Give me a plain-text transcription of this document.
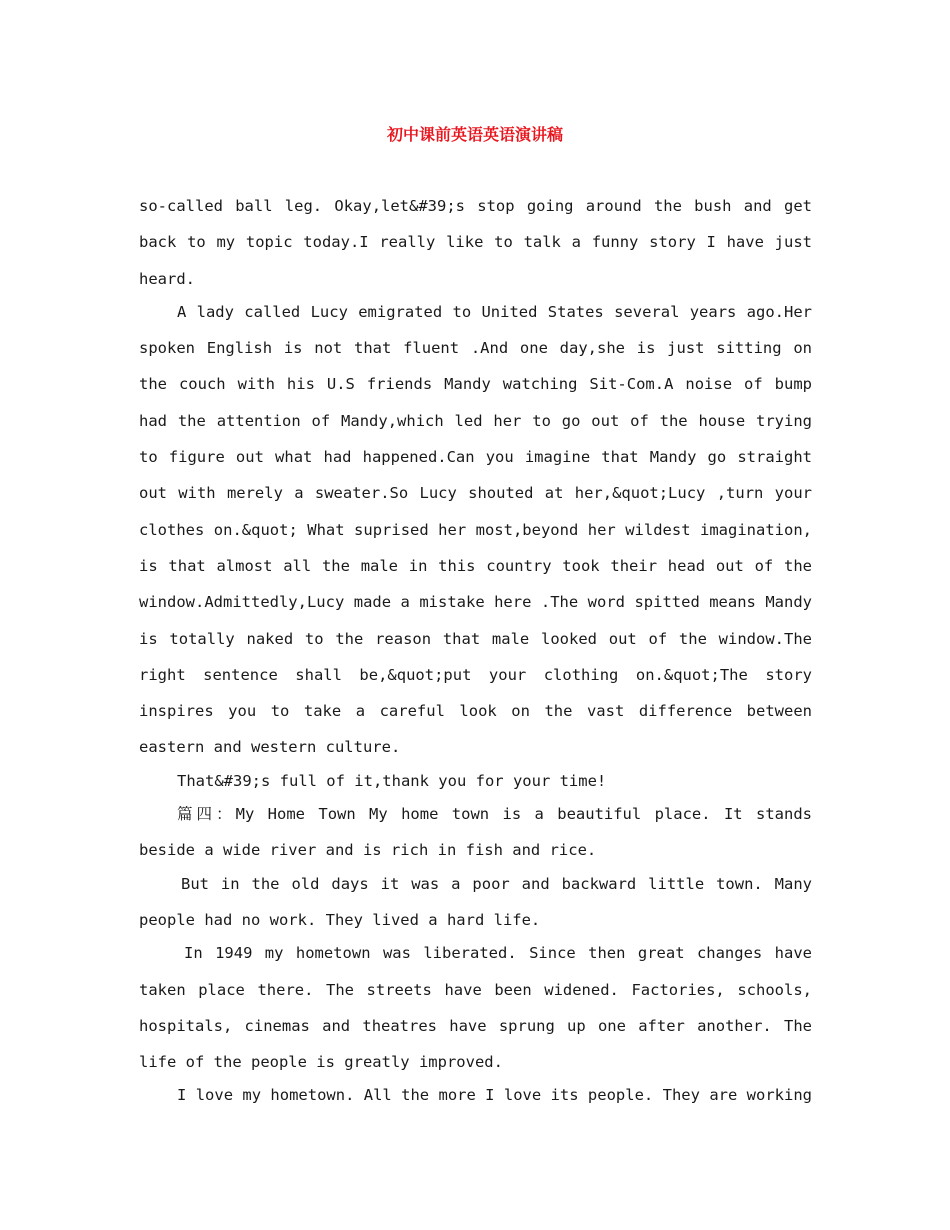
初中课前英语英语演讲稿

so-called ball leg. Okay,let&#39;s stop going around the bush and get back to my topic today.I really like to talk a funny story I have just heard.

A lady called Lucy emigrated to United States several years ago.Her spoken English is not that fluent .And one day,she is just sitting on the couch with his U.S friends Mandy watching Sit-Com.A noise of bump had the attention of Mandy,which led her to go out of the house trying to figure out what had happened.Can you imagine that Mandy go straight out with merely a sweater.So Lucy shouted at her,&quot;Lucy ,turn your clothes on.&quot; What suprised her most,beyond her wildest imagination, is that almost all the male in this country took their head out of the window.Admittedly,Lucy made a mistake here .The word spitted means Mandy is totally naked to the reason that male looked out of the window.The right sentence shall be,&quot;put your clothing on.&quot;The story inspires you to take a careful look on the vast difference between eastern and western culture.

That&#39;s full of it,thank you for your time!

篇四：My Home Town My home town is a beautiful place. It stands beside a wide river and is rich in fish and rice.

But in the old days it was a poor and backward little town. Many people had no work. They lived a hard life.

In 1949 my hometown was liberated. Since then great changes have taken place there. The streets have been widened. Factories, schools, hospitals, cinemas and theatres have sprung up one after another. The life of the people is greatly improved.

I love my hometown. All the more I love its people. They are working
